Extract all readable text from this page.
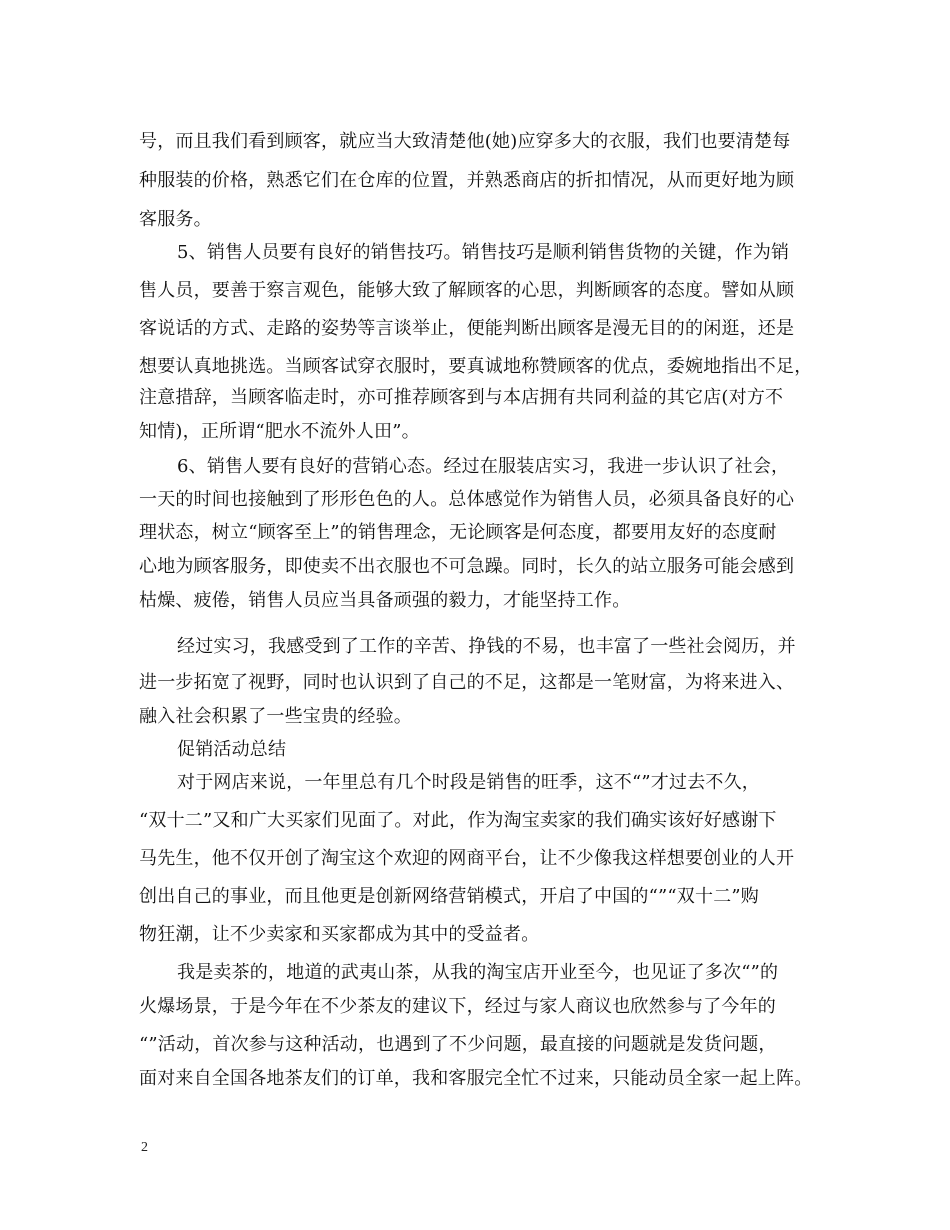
号，而且我们看到顾客，就应当大致清楚他(她)应穿多大的衣服，我们也要清楚每
种服装的价格，熟悉它们在仓库的位置，并熟悉商店的折扣情况，从而更好地为顾
客服务。
5、销售人员要有良好的销售技巧。销售技巧是顺利销售货物的关键，作为销
售人员，要善于察言观色，能够大致了解顾客的心思，判断顾客的态度。譬如从顾
客说话的方式、走路的姿势等言谈举止，便能判断出顾客是漫无目的的闲逛，还是
想要认真地挑选。当顾客试穿衣服时，要真诚地称赞顾客的优点，委婉地指出不足，
注意措辞，当顾客临走时，亦可推荐顾客到与本店拥有共同利益的其它店(对方不
知情)，正所谓“肥水不流外人田”。
6、销售人要有良好的营销心态。经过在服装店实习，我进一步认识了社会，
一天的时间也接触到了形形色色的人。总体感觉作为销售人员，必须具备良好的心
理状态，树立“顾客至上”的销售理念，无论顾客是何态度，都要用友好的态度耐
心地为顾客服务，即使卖不出衣服也不可急躁。同时，长久的站立服务可能会感到
枯燥、疲倦，销售人员应当具备顽强的毅力，才能坚持工作。
经过实习，我感受到了工作的辛苦、挣钱的不易，也丰富了一些社会阅历，并
进一步拓宽了视野，同时也认识到了自己的不足，这都是一笔财富，为将来进入、
融入社会积累了一些宝贵的经验。
促销活动总结
对于网店来说，一年里总有几个时段是销售的旺季，这不“”才过去不久，
“双十二”又和广大买家们见面了。对此，作为淘宝卖家的我们确实该好好感谢下
马先生，他不仅开创了淘宝这个欢迎的网商平台，让不少像我这样想要创业的人开
创出自己的事业，而且他更是创新网络营销模式，开启了中国的“”“双十二”购
物狂潮，让不少卖家和买家都成为其中的受益者。
我是卖茶的，地道的武夷山茶，从我的淘宝店开业至今，也见证了多次“”的
火爆场景，于是今年在不少茶友的建议下，经过与家人商议也欣然参与了今年的
“”活动，首次参与这种活动，也遇到了不少问题，最直接的问题就是发货问题，
面对来自全国各地茶友们的订单，我和客服完全忙不过来，只能动员全家一起上阵。
2
